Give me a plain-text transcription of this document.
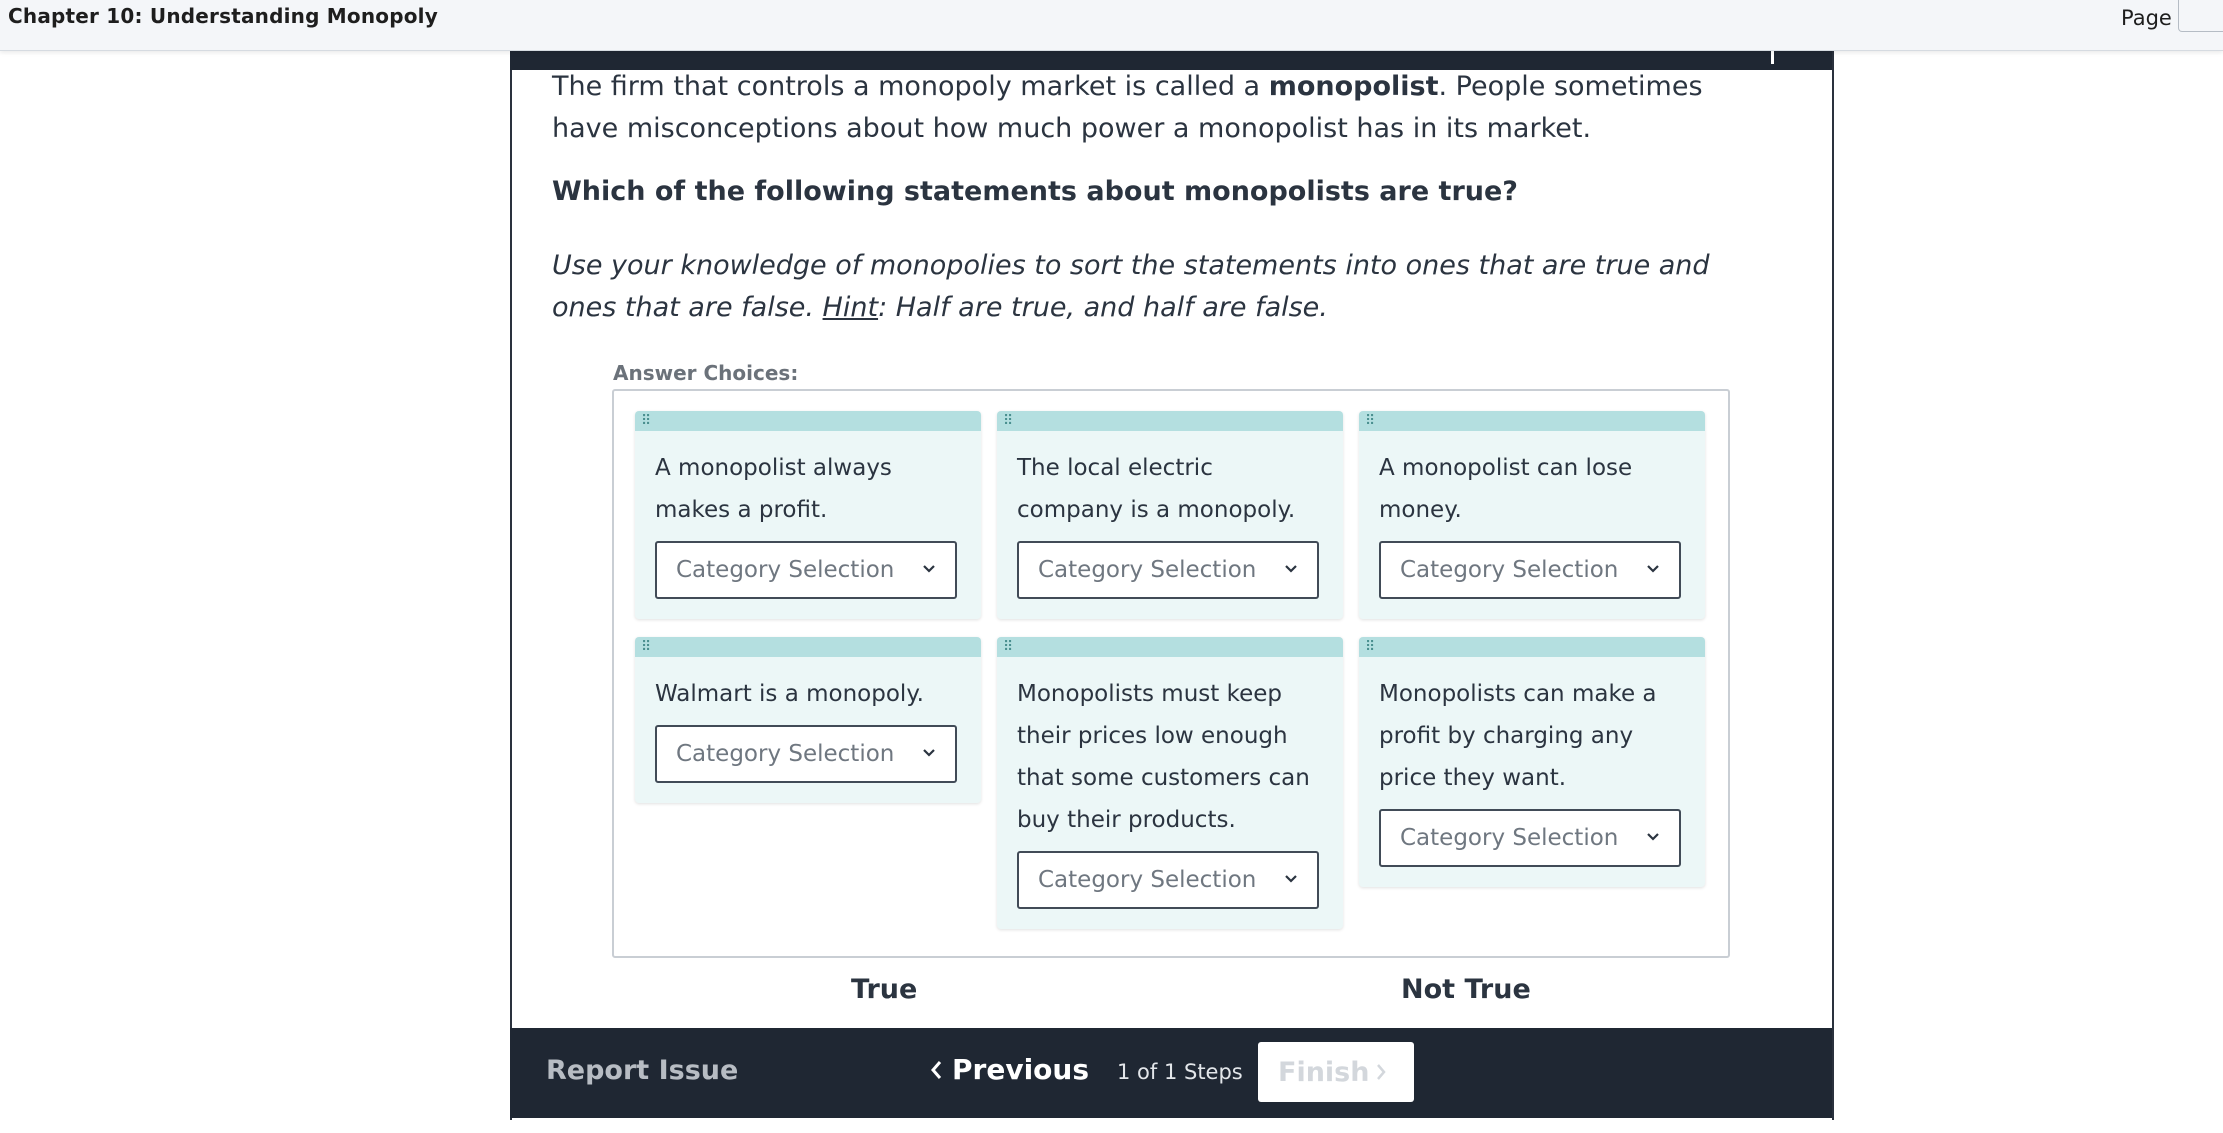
Chapter 10: Understanding Monopoly	Page
The firm that controls a monopoly market is called a monopolist. People sometimes have misconceptions about how much power a monopolist has in its market.
Which of the following statements about monopolists are true?
Use your knowledge of monopolies to sort the statements into ones that are true and ones that are false. Hint: Half are true, and half are false.
Answer Choices:
⠿
A monopolist always makes a profit.
Category Selection
⠿
The local electric company is a monopoly.
Category Selection
⠿
A monopolist can lose money.
Category Selection
⠿
Walmart is a monopoly.
Category Selection
⠿
Monopolists must keep their prices low enough that some customers can buy their products.
Category Selection
⠿
Monopolists can make a profit by charging any price they want.
Category Selection
True	Not True
Report Issue	Previous 1 of 1 Steps Finish
